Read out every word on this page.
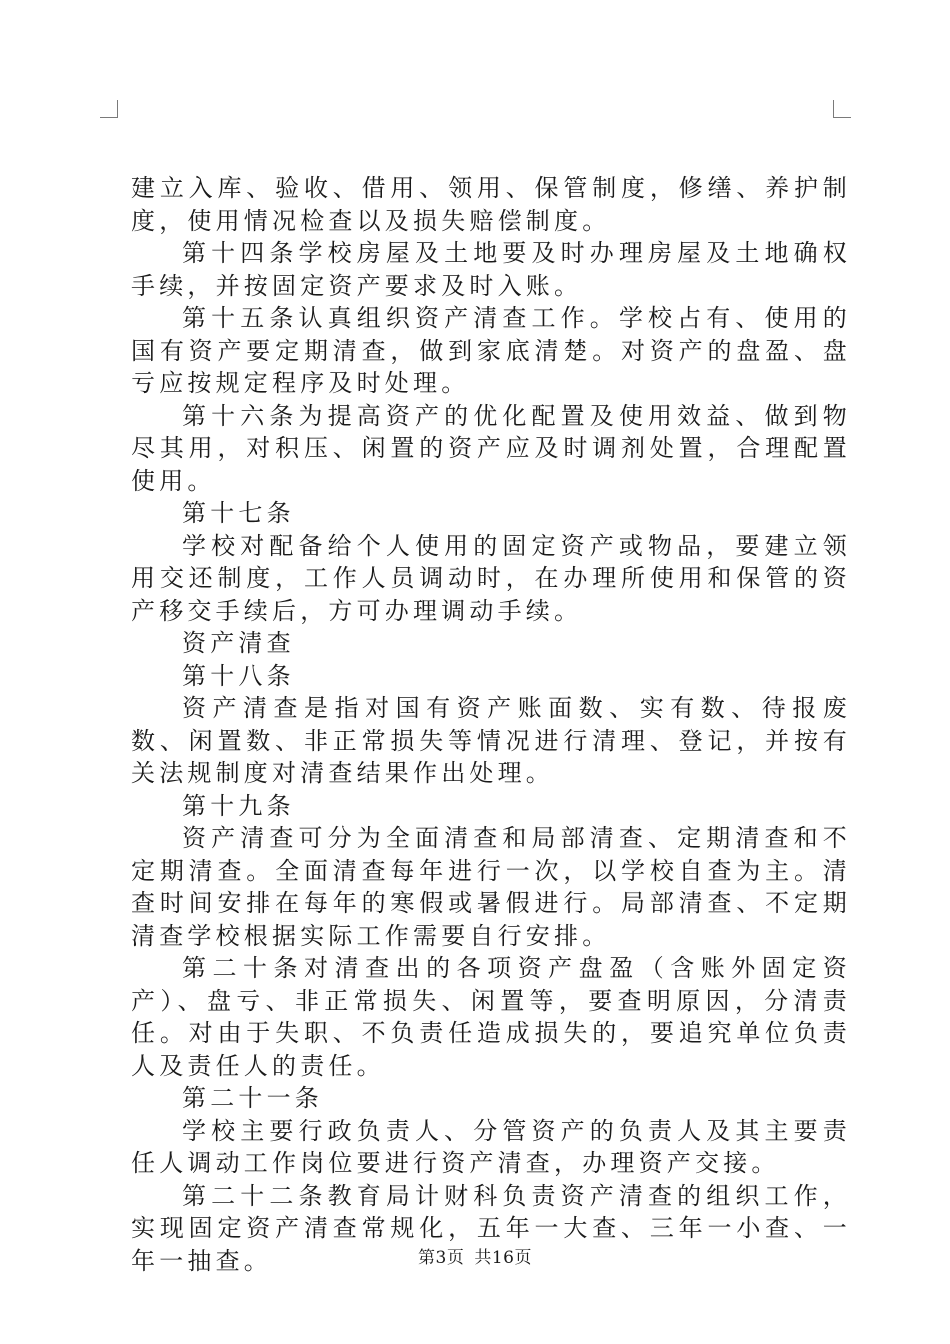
建立入库、验收、借用、领用、保管制度，修缮、养护制度，使用情况检查以及损失赔偿制度。

第十四条学校房屋及土地要及时办理房屋及土地确权手续，并按固定资产要求及时入账。

第十五条认真组织资产清查工作。学校占有、使用的国有资产要定期清查，做到家底清楚。对资产的盘盈、盘亏应按规定程序及时处理。

第十六条为提高资产的优化配置及使用效益、做到物尽其用，对积压、闲置的资产应及时调剂处置，合理配置使用。

第十七条

学校对配备给个人使用的固定资产或物品，要建立领用交还制度，工作人员调动时，在办理所使用和保管的资产移交手续后，方可办理调动手续。

资产清查

第十八条

资产清查是指对国有资产账面数、实有数、待报废数、闲置数、非正常损失等情况进行清理、登记，并按有关法规制度对清查结果作出处理。

第十九条

资产清查可分为全面清查和局部清查、定期清查和不定期清查。全面清查每年进行一次，以学校自查为主。清查时间安排在每年的寒假或暑假进行。局部清查、不定期清查学校根据实际工作需要自行安排。

第二十条对清查出的各项资产盘盈（含账外固定资产）、盘亏、非正常损失、闲置等，要查明原因，分清责任。对由于失职、不负责任造成损失的，要追究单位负责人及责任人的责任。

第二十一条

学校主要行政负责人、分管资产的负责人及其主要责任人调动工作岗位要进行资产清查，办理资产交接。

第二十二条教育局计财科负责资产清查的组织工作，实现固定资产清查常规化，五年一大查、三年一小查、一年一抽查。	第3页 共16页
